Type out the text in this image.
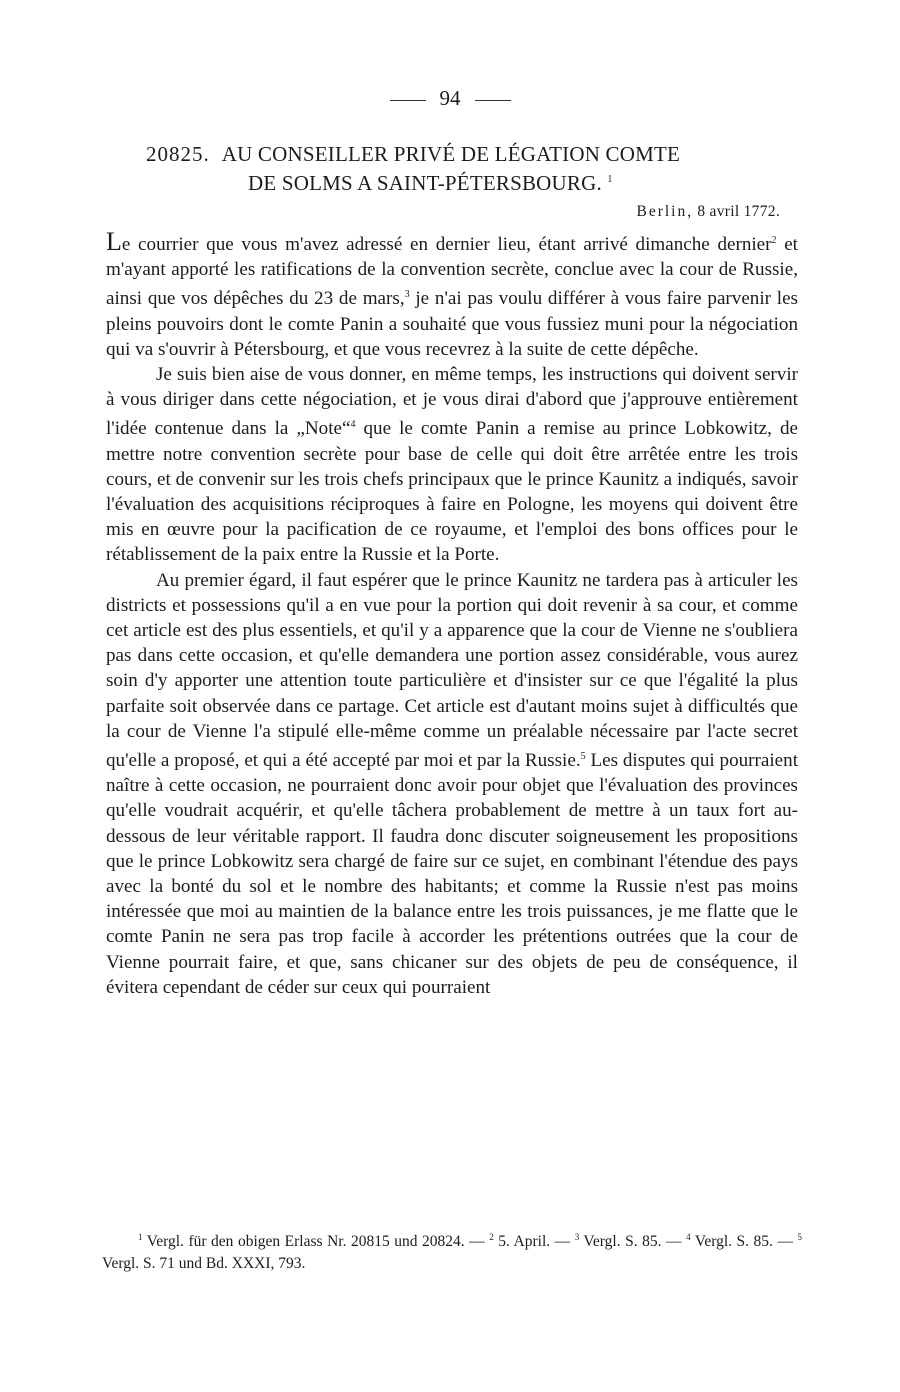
94
20825. AU CONSEILLER PRIVÉ DE LÉGATION COMTE
DE SOLMS A SAINT-PÉTERSBOURG. $^1$
Berlin, 8 avril 1772.

Le courrier que vous m'avez adressé en dernier lieu, étant arrivé dimanche dernier$^2$ et m'ayant apporté les ratifications de la convention secrète, conclue avec la cour de Russie, ainsi que vos dépêches du 23 de mars,$^3$ je n'ai pas voulu différer à vous faire parvenir les pleins pouvoirs dont le comte Panin a souhaité que vous fussiez muni pour la négociation qui va s'ouvrir à Pétersbourg, et que vous recevrez à la suite de cette dépêche.

Je suis bien aise de vous donner, en même temps, les instructions qui doivent servir à vous diriger dans cette négociation, et je vous dirai d'abord que j'approuve entièrement l'idée contenue dans la „Note“$^4$ que le comte Panin a remise au prince Lobkowitz, de mettre notre convention secrète pour base de celle qui doit être arrêtée entre les trois cours, et de convenir sur les trois chefs principaux que le prince Kaunitz a indiqués, savoir l'évaluation des acquisitions réciproques à faire en Pologne, les moyens qui doivent être mis en œuvre pour la pacification de ce royaume, et l'emploi des bons offices pour le rétablissement de la paix entre la Russie et la Porte.

Au premier égard, il faut espérer que le prince Kaunitz ne tardera pas à articuler les districts et possessions qu'il a en vue pour la portion qui doit revenir à sa cour, et comme cet article est des plus essentiels, et qu'il y a apparence que la cour de Vienne ne s'oubliera pas dans cette occasion, et qu'elle demandera une portion assez considérable, vous aurez soin d'y apporter une attention toute particulière et d'insister sur ce que l'égalité la plus parfaite soit observée dans ce partage. Cet article est d'autant moins sujet à difficultés que la cour de Vienne l'a stipulé elle-même comme un préalable nécessaire par l'acte secret qu'elle a proposé, et qui a été accepté par moi et par la Russie.$^5$ Les disputes qui pourraient naître à cette occasion, ne pourraient donc avoir pour objet que l'évaluation des provinces qu'elle voudrait acquérir, et qu'elle tâchera probablement de mettre à un taux fort au-dessous de leur véritable rapport. Il faudra donc discuter soigneusement les propositions que le prince Lobkowitz sera chargé de faire sur ce sujet, en combinant l'étendue des pays avec la bonté du sol et le nombre des habitants; et comme la Russie n'est pas moins intéressée que moi au maintien de la balance entre les trois puissances, je me flatte que le comte Panin ne sera pas trop facile à accorder les prétentions outrées que la cour de Vienne pourrait faire, et que, sans chicaner sur des objets de peu de conséquence, il évitera cependant de céder sur ceux qui pourraient

$^1$ Vergl. für den obigen Erlass Nr. 20815 und 20824. — $^2$ 5. April. — $^3$ Vergl. S. 85. — $^4$ Vergl. S. 85. — $^5$ Vergl. S. 71 und Bd. XXXI, 793.
